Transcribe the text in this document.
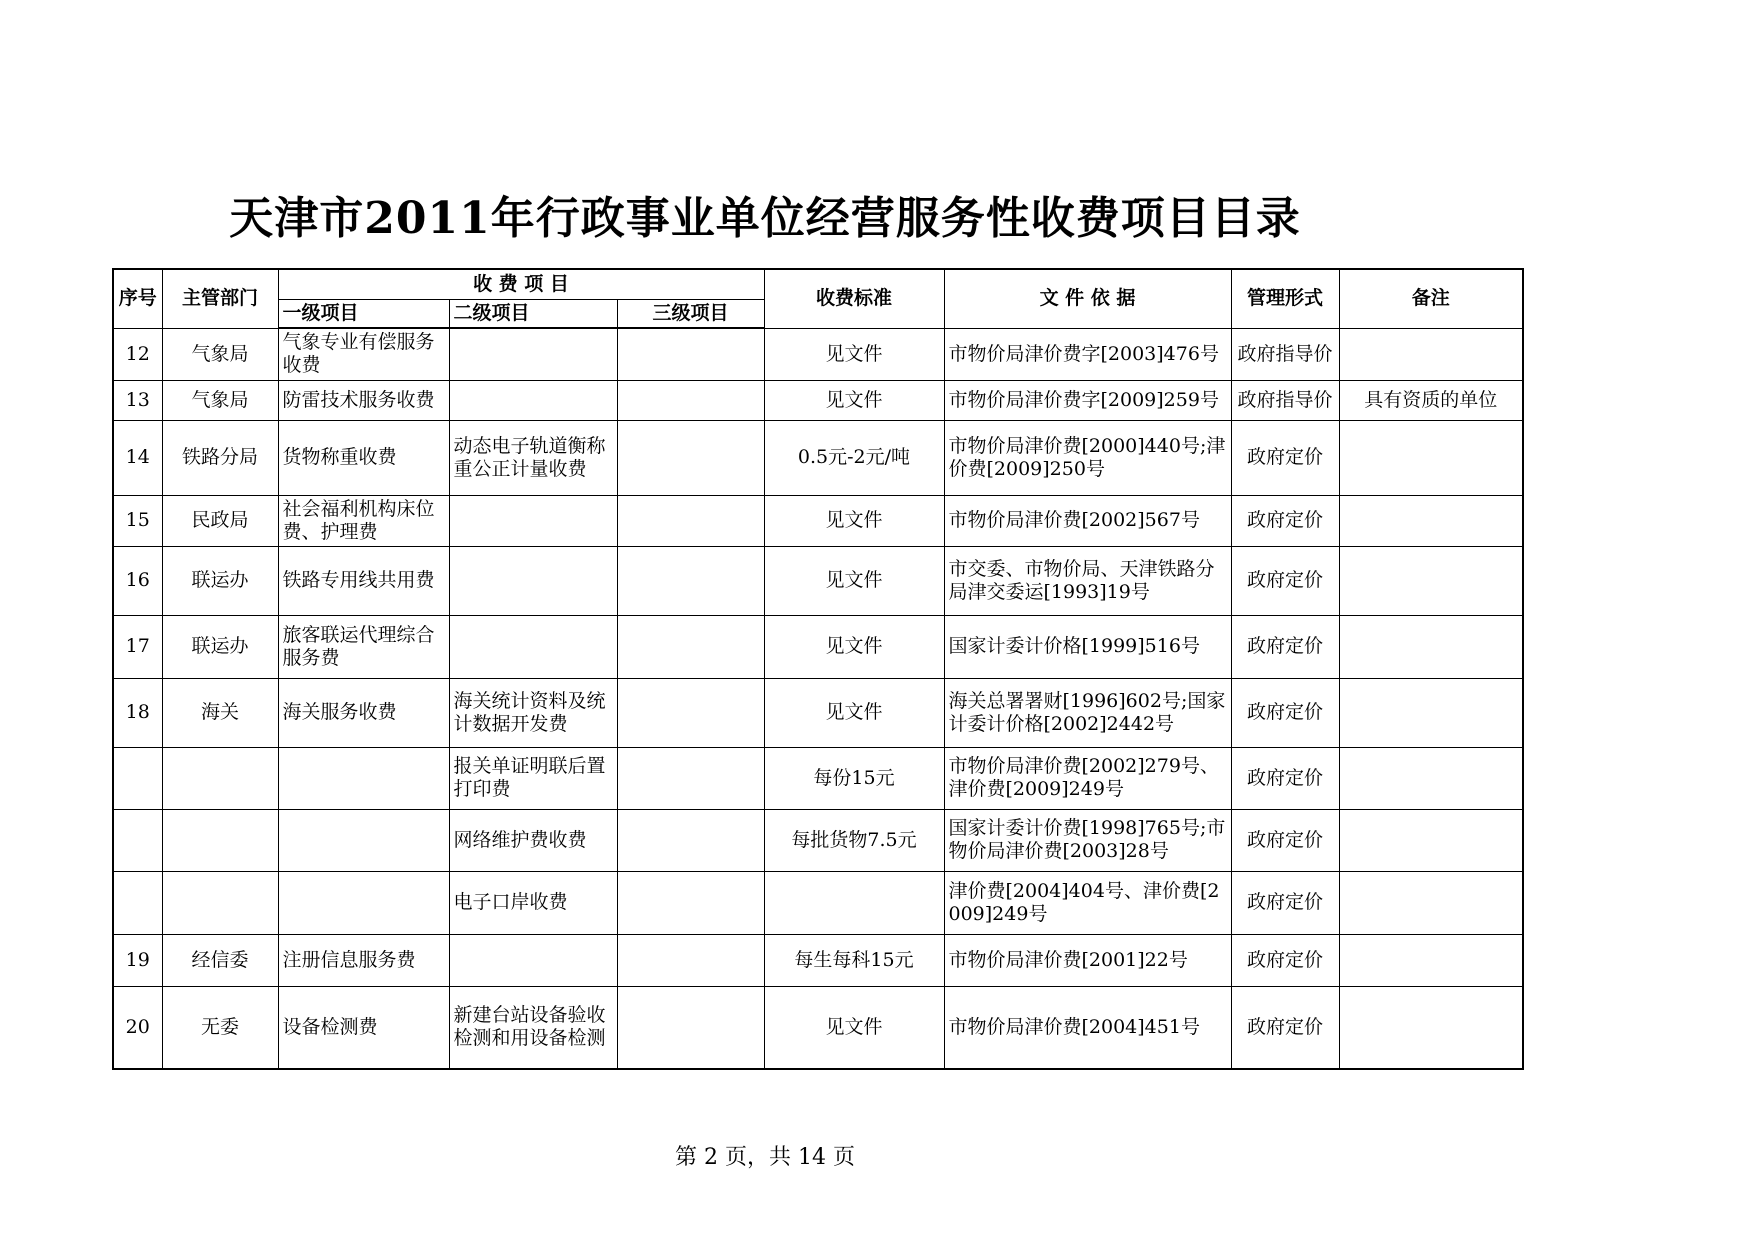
天津市2011年行政事业单位经营服务性收费项目目录
序号	主管部门	收 费 项 目			收费标准	文 件 依 据	管理形式	备注
		一级项目	二级项目	三级项目				

12	气象局	气象专业有偿服务收费			见文件	市物价局津价费字[2003]476号	政府指导价	

13	气象局	防雷技术服务收费			见文件	市物价局津价费字[2009]259号	政府指导价	具有资质的单位

14	铁路分局	货物称重收费	动态电子轨道衡称重公正计量收费		0.5元-2元/吨	市物价局津价费[2000]440号;津价费[2009]250号	政府定价	

15	民政局	社会福利机构床位费、护理费			见文件	市物价局津价费[2002]567号	政府定价	

16	联运办	铁路专用线共用费			见文件	市交委、市物价局、天津铁路分局津交委运[1993]19号	政府定价	

17	联运办	旅客联运代理综合服务费			见文件	国家计委计价格[1999]516号	政府定价	

18	海关	海关服务收费	海关统计资料及统计数据开发费		见文件	海关总署署财[1996]602号;国家计委计价格[2002]2442号	政府定价	

			报关单证明联后置打印费		每份15元	市物价局津价费[2002]279号、津价费[2009]249号	政府定价	

			网络维护费收费		每批货物7.5元	国家计委计价费[1998]765号;市物价局津价费[2003]28号	政府定价	

			电子口岸收费			津价费[2004]404号、津价费[2009]249号	政府定价	

19	经信委	注册信息服务费			每生每科15元	市物价局津价费[2001]22号	政府定价	

20	无委	设备检测费	新建台站设备验收检测和用设备检测		见文件	市物价局津价费[2004]451号	政府定价	

第 2 页，共 14 页
